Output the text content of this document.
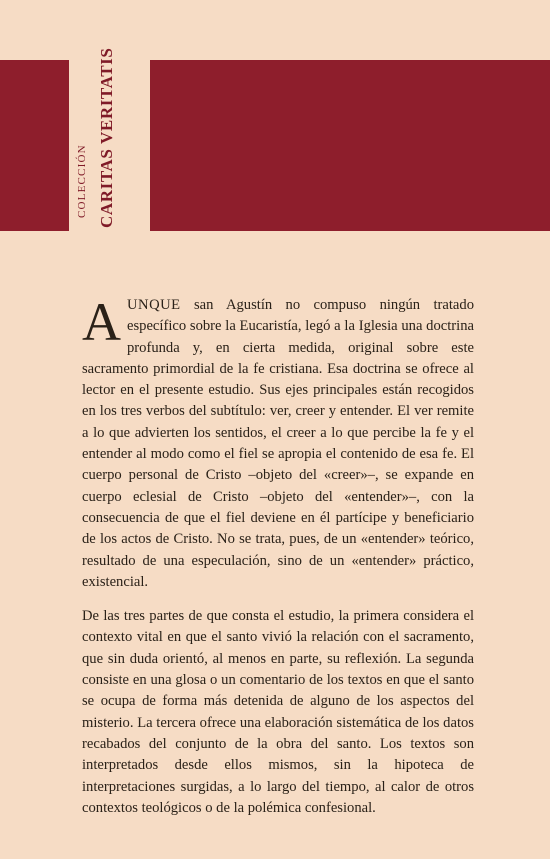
COLECCIÓN CARITAS VERITATIS

AUNQUE san Agustín no compuso ningún tratado específico sobre la Eucaristía, legó a la Iglesia una doctrina profunda y, en cierta medida, original sobre este sacramento primordial de la fe cristiana. Esa doctrina se ofrece al lector en el presente estudio. Sus ejes principales están recogidos en los tres verbos del subtítulo: ver, creer y entender. El ver remite a lo que advierten los sentidos, el creer a lo que percibe la fe y el entender al modo como el fiel se apropia el contenido de esa fe. El cuerpo personal de Cristo –objeto del «creer»–, se expande en cuerpo eclesial de Cristo –objeto del «entender»–, con la consecuencia de que el fiel deviene en él partícipe y beneficiario de los actos de Cristo. No se trata, pues, de un «entender» teórico, resultado de una especulación, sino de un «entender» práctico, existencial.

De las tres partes de que consta el estudio, la primera considera el contexto vital en que el santo vivió la relación con el sacramento, que sin duda orientó, al menos en parte, su reflexión. La segunda consiste en una glosa o un comentario de los textos en que el santo se ocupa de forma más detenida de alguno de los aspectos del misterio. La tercera ofrece una elaboración sistemática de los datos recabados del conjunto de la obra del santo. Los textos son interpretados desde ellos mismos, sin la hipoteca de interpretaciones surgidas, a lo largo del tiempo, al calor de otros contextos teológicos o de la polémica confesional.
